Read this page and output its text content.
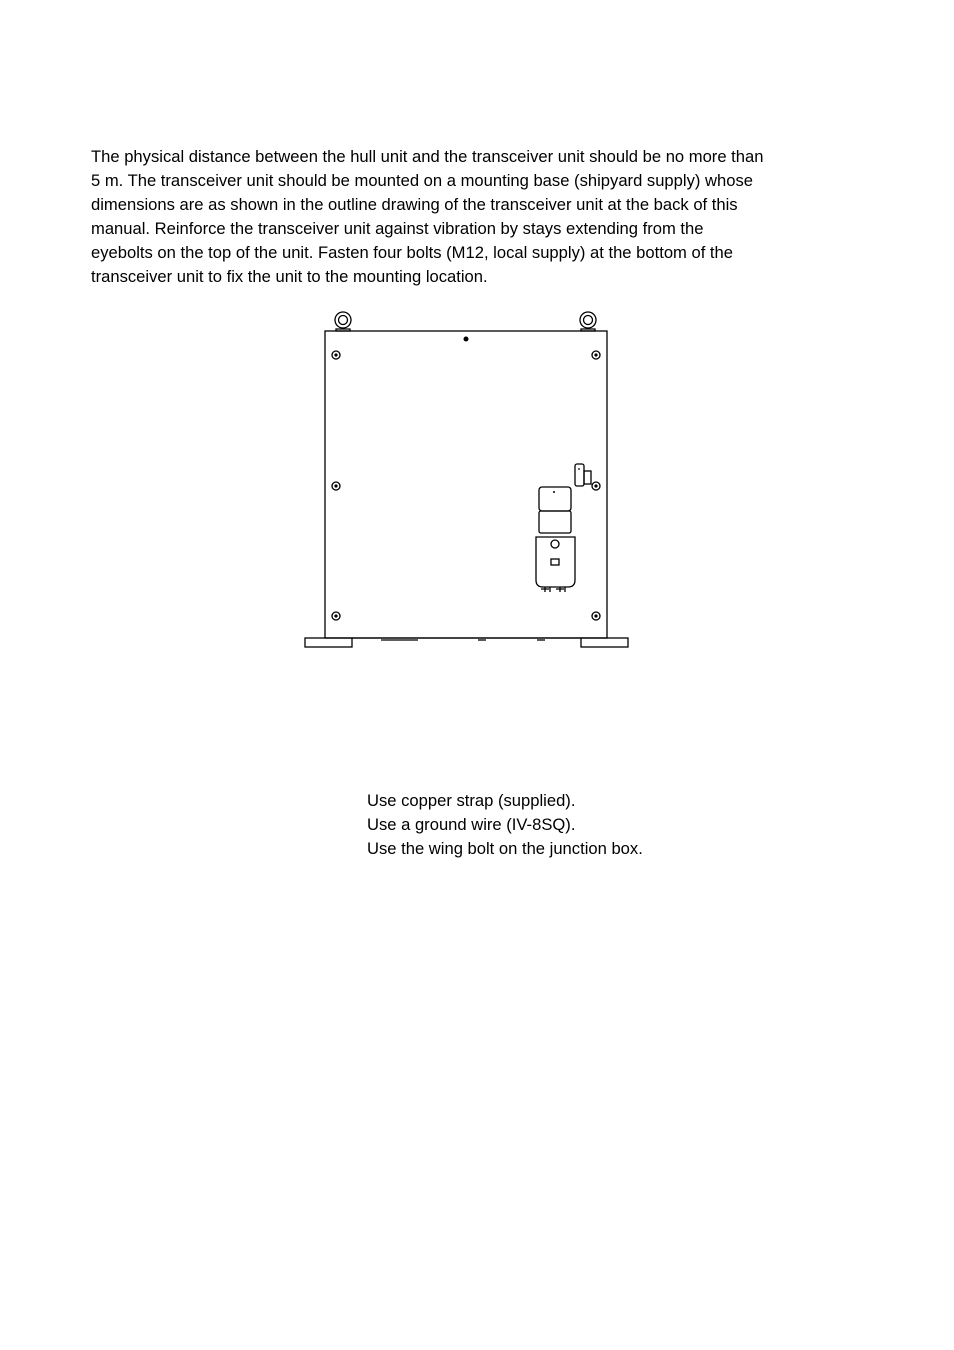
The physical distance between the hull unit and the transceiver unit should be no more than
5 m. The transceiver unit should be mounted on a mounting base (shipyard supply) whose
dimensions are as shown in the outline drawing of the transceiver unit at the back of this
manual. Reinforce the transceiver unit against vibration by stays extending from the
eyebolts on the top of the unit. Fasten four bolts (M12, local supply) at the bottom of the
transceiver unit to fix the unit to the mounting location.
Use copper strap (supplied).
Use a ground wire (IV-8SQ).
Use the wing bolt on the junction box.
